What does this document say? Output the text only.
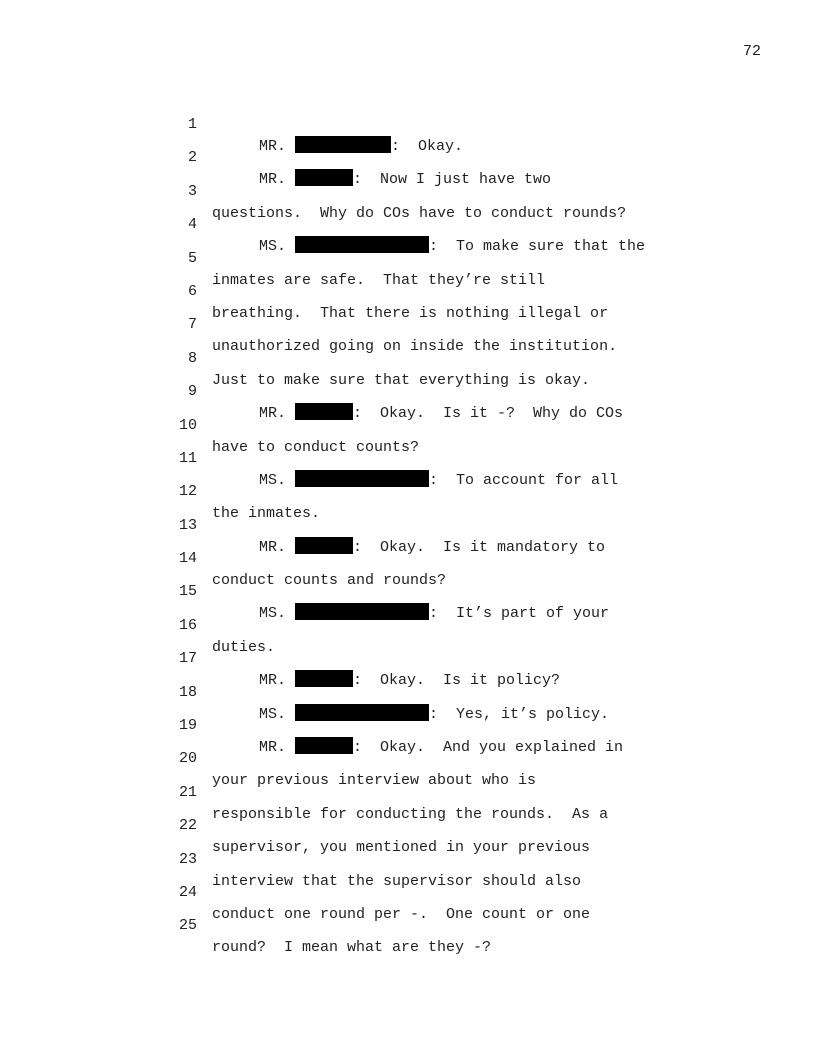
72

1

MR.	:  Okay.

2

MR.	:  Now I just have two

3

questions.  Why do COs have to conduct rounds?

4

MS.	:  To make sure that the

5

inmates are safe.  That they’re still

6

breathing.  That there is nothing illegal or

7

unauthorized going on inside the institution.

8

Just to make sure that everything is okay.

9

MR.	:  Okay.  Is it -?  Why do COs

10

have to conduct counts?

11

MS.	:  To account for all

12

the inmates.

13

MR.	:  Okay.  Is it mandatory to

14

conduct counts and rounds?

15

MS.	:  It’s part of your

16

duties.

17

MR.	:  Okay.  Is it policy?

18

MS.	:  Yes, it’s policy.

19

MR.	:  Okay.  And you explained in

20

your previous interview about who is

21

responsible for conducting the rounds.  As a

22

supervisor, you mentioned in your previous

23

interview that the supervisor should also

24

conduct one round per -.  One count or one

25

round?  I mean what are they -?
